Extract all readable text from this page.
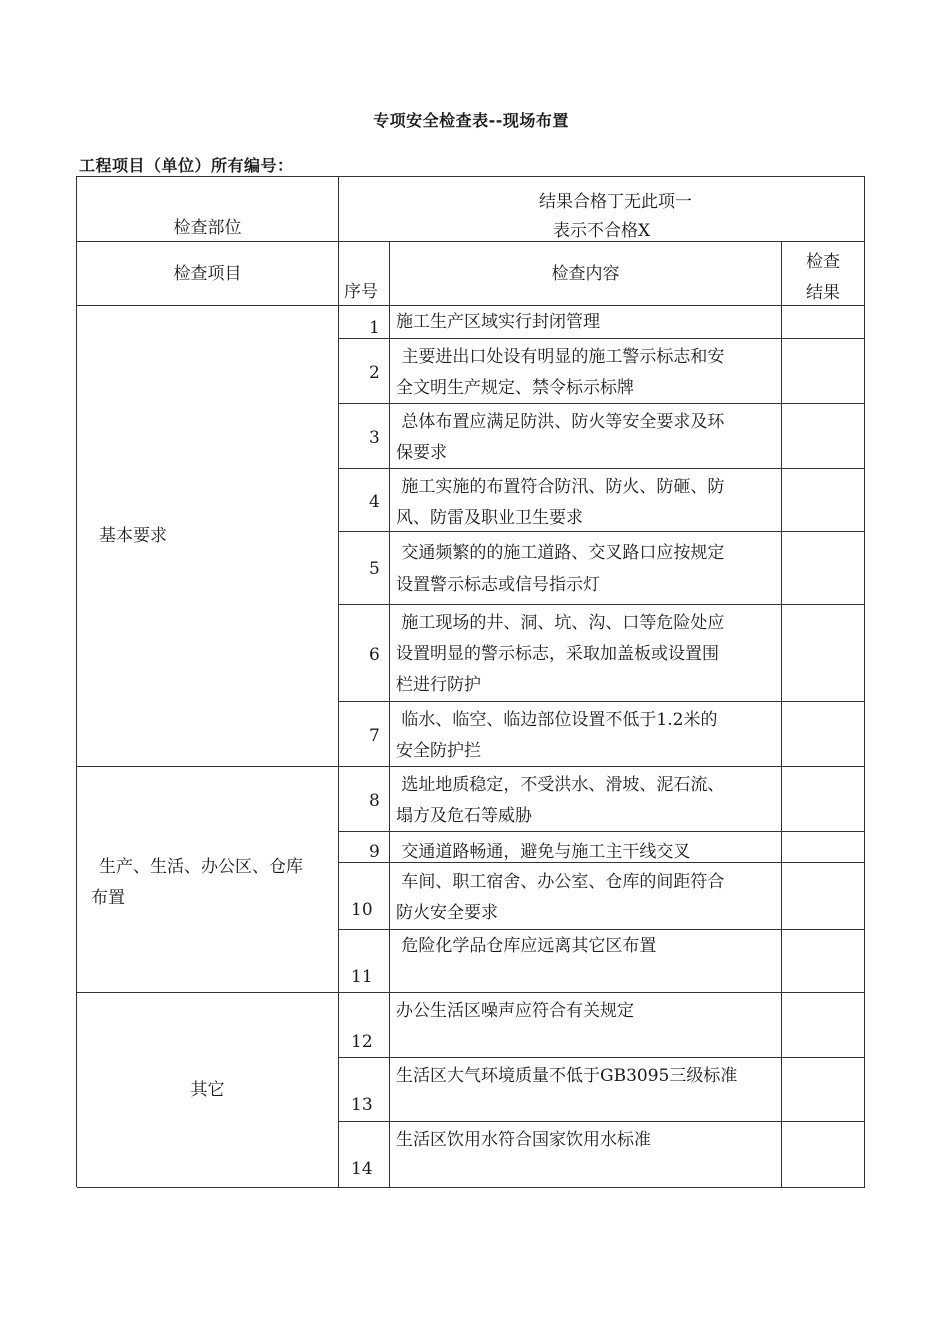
专项安全检查表--现场布置
工程项目（单位）所有编号：
检查部位
结果合格丁无此项一
表示不合格X
检查项目
序号
检查内容
检查
结果
基本要求
生产、生活、办公区、仓库
布置
其它
1 施工生产区域实行封闭管理
2
主要进出口处设有明显的施工警示标志和安
全文明生产规定、禁令标示标牌
3
总体布置应满足防洪、防火等安全要求及环
保要求
4
施工实施的布置符合防汛、防火、防砸、防
风、防雷及职业卫生要求
5
交通频繁的的施工道路、交叉路口应按规定
设置警示标志或信号指示灯
6
施工现场的井、洞、坑、沟、口等危险处应
设置明显的警示标志，采取加盖板或设置围
栏进行防护
7
临水、临空、临边部位设置不低于1.2米的
安全防护拦
8
选址地质稳定，不受洪水、滑坡、泥石流、
塌方及危石等威胁
9 交通道路畅通，避免与施工主干线交叉
10
车间、职工宿舍、办公室、仓库的间距符合
防火安全要求
11
危险化学品仓库应远离其它区布置
12
办公生活区噪声应符合有关规定
13
生活区大气环境质量不低于GB3095三级标准
14
生活区饮用水符合国家饮用水标准
